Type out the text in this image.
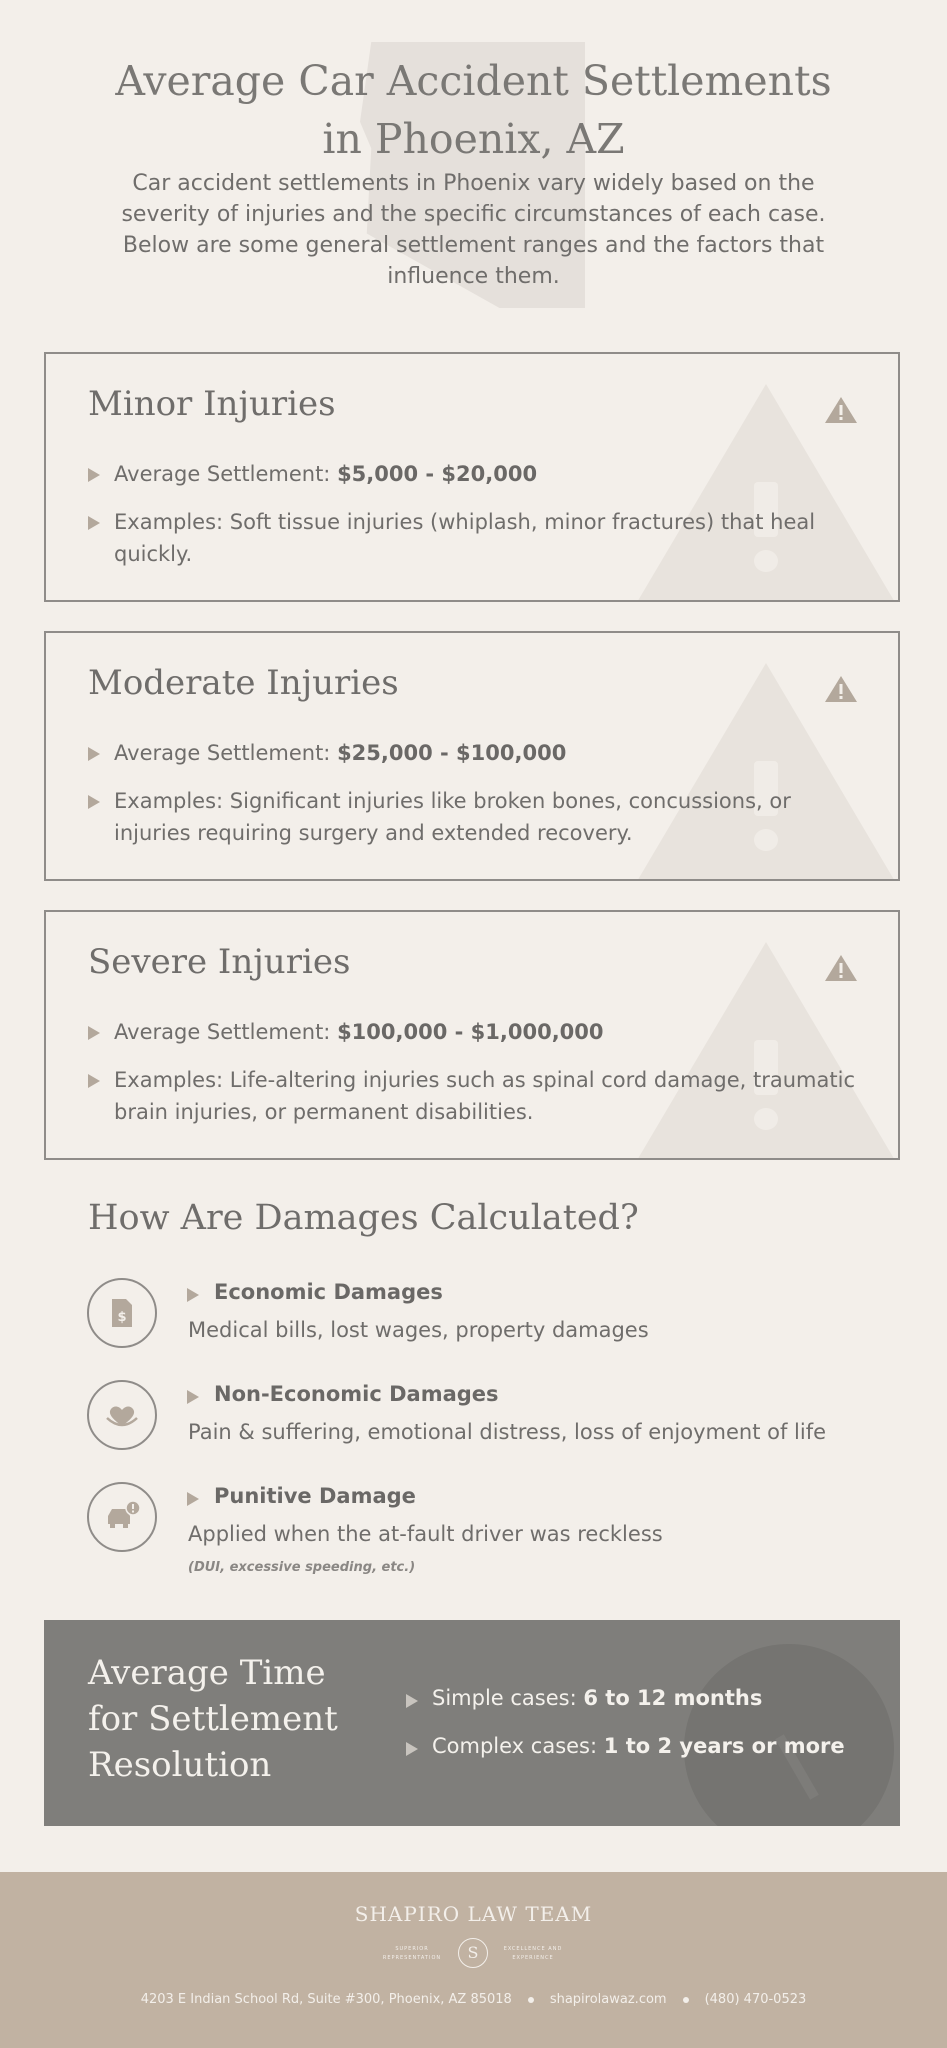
Average Car Accident Settlements
in Phoenix, AZ
Car accident settlements in Phoenix vary widely based on the severity of injuries and the specific circumstances of each case. Below are some general settlement ranges and the factors that influence them.
Minor Injuries
Average Settlement: $5,000 - $20,000
Examples: Soft tissue injuries (whiplash, minor fractures) that heal quickly.
Moderate Injuries
Average Settlement: $25,000 - $100,000
Examples: Significant injuries like broken bones, concussions, or injuries requiring surgery and extended recovery.
Severe Injuries
Average Settlement: $100,000 - $1,000,000
Examples: Life-altering injuries such as spinal cord damage, traumatic brain injuries, or permanent disabilities.
How Are Damages Calculated?
$
Economic Damages
Medical bills, lost wages, property damages
Non-Economic Damages
Pain & suffering, emotional distress, loss of enjoyment of life
Punitive Damage
Applied when the at-fault driver was reckless
(DUI, excessive speeding, etc.)
Average Time for Settlement Resolution
Simple cases: 6 to 12 months
Complex cases: 1 to 2 years or more
SHAPIRO LAW TEAM
SUPERIOR REPRESENTATION	S	EXCELLENCE AND EXPERIENCE
4203 E Indian School Rd, Suite #300, Phoenix, AZ 85018	shapirolawaz.com	(480) 470-0523
